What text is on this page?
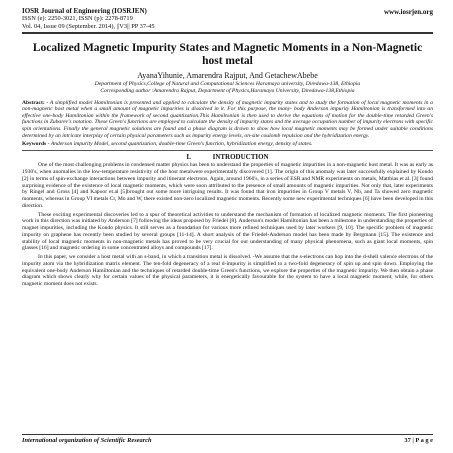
IOSR Journal of Engineering (IOSRJEN)
ISSN (e): 2250-3021, ISSN (p): 2278-8719
Vol. 04, Issue 09 (September. 2014), ||V3|| PP 37-45
www.iosrjen.org
Localized Magnetic Impurity States and Magnetic Moments in a Non-Magnetic host metal
AyanaYihunie, Amarendra Rajput, And GetachewAbebe
Department of Physics,College of Natural and Computational Sciences Haramaya university, Diredawa-138, Ethiopia
Corresponding author :Amarendra Rajput, Department of Physics,Haramaya University, Diredawa-138,Ethiopia
Abstract: - A simplified model Hamiltonian is presented and applied to calculate the density of magnetic impurity states and to study the formation of local magnetic moments in a non-magnetic host metal when a small amount of magnetic impurities is dissolved in it. For this purpose, the many- body Anderson impurity Hamiltonian is transformed into an effective one-body Hamiltonian within the framework of second quantization.This Hamiltonian is then used to derive the equations of motion for the double-time retarded Green's functions in Zubarev's notation. These Green's functions are employed to calculate the density of impurity states and the average occupation number of impurity electrons with specific spin orientations. Finally the general magnetic solutions are found and a phase diagram is drawn to show how local magnetic moments may be formed under suitable conditions determined by an intricate interplay of certain physical parameters such as impurity energy levels, on-site coulomb repulsion and the hybridization energy.
Keywords - Anderson impurity Model, second quantization, double-time Green's function, hybridization energy, density of states.
I.	INTRODUCTION

One of the most challenging problems in condensed matter physics has been to understand the properties of magnetic impurities in a non-magnetic host metal. It was as early as 1930's, when anomalies in the low-temperature resistivity of the host metalwere experimentally discovered [1]. The origin of this anomaly was later successfully explained by Kondo [2] in terms of spin-exchange interactions between impurity and itinerant electrons. Again, around 1960's, in a series of ESR and NMR experiments on metals, Matthias et al. [3] found surprising evidence of the existence of local magnetic moments, which were soon attributed to the presence of small amounts of magnetic impurities. Not only that, later experiments by Ringel and Gross [4] and Kapoor et.al [5]brought out some more intriguing results. It was found that iron impurities in Group V metals V, Nb, and Ta showed zero magnetic moments, whereas in Group VI metals Cr, Mo and W, there existed non-zero localized magnetic moments. Recently some new experimental techniques [6] have been developed in this direction.

These exciting experimental discoveries led to a spur of theoretical activities to understand the mechanism of formation of localized magnetic moments. The first pioneering work in this direction was initiated by Anderson [7] following the ideas proposed by Friedel [8]. Anderson's model Hamiltonian has been a milestone in understanding the properties of magnet impurities, including the Kondo physics. It still serves as a foundation for various more refined techniques used by later workers [9, 10]. The specific problem of magnetic impurity on graphene has recently been studied by several groups [11-14]. A short analysis of the Friedel-Anderson model has been made by Bergmann [15]. The existence and stability of local magnetic moments in non-magnetic metals has proved to be very crucial for our understanding of many physical phenomena, such as giant local moments, spin glasses [16] and magnetic ordering in some concentrated alloys and compounds [17].

In this paper, we consider a host metal with an s-band, in which a transition metal is dissolved. -We assume that the s-electrons can hop into the d-shell valence electrons of the impurity atom via the hybridization matrix element. The ten-fold degeneracy of a real d-impurity is simplified to a two-fold degeneracy of spin up and spin down. Employing the equivalent one-body Anderson Hamiltonian and the techniques of retarded double-time Green's functions, we explore the properties of the magnetic impurity. We then obtain a phase diagram which shows clearly why for certain values of the physical parameters, it is energetically favourable for the system to have a local magnetic moment, while, for others magnetic moment does not exists.

International organization of Scientific Research	37 | P a g e
